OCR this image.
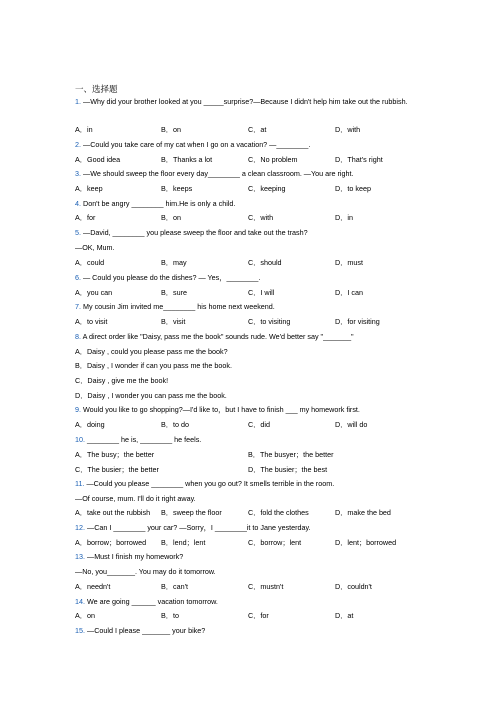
一、选择题
1. —Why did your brother looked at you _____surprise?—Because I didn't help him take out the rubbish.
A．in	B．on	C．at	D．with
2. —Could you take care of my cat when I go on a vacation? —________.
A．Good idea	B．Thanks a lot	C．No problem	D．That's right
3. —We should sweep the floor every day________ a clean classroom. —You are right.
A．keep	B．keeps	C．keeping	D．to keep
4. Don't be angry ________ him.He is only a child.
A．for	B．on	C．with	D．in
5. —David, ________ you please sweep the floor and take out the trash?
—OK, Mum.
A．could	B．may	C．should	D．must
6. — Could you please do the dishes? — Yes，________.
A．you can	B．sure	C．I will	D．I can
7. My cousin Jim invited me________ his home next weekend.
A．to visit	B．visit	C．to visiting	D．for visiting
8. A direct order like "Daisy, pass me the book" sounds rude. We'd better say "_______"
A．Daisy , could you please pass me the book?
B．Daisy , I wonder if can you pass me the book.
C．Daisy , give me the book!
D．Daisy , I wonder you can pass me the book.
9. Would you like to go shopping?—I'd like to，but I have to finish ___ my homework first.
A．doing	B．to do	C．did	D．will do
10. ________ he is, ________ he feels.
A．The busy；the better	B．The busyer；the better
C．The busier；the better	D．The busier；the best
11. —Could you please ________ when you go out? It smells terrible in the room.
—Of course, mum. I'll do it right away.
A．take out the rubbish B．sweep the floor	C．fold the clothes	D．make the bed
12. —Can I ________ your car? —Sorry，I ________it to Jane yesterday.
A．borrow；borrowed B．lend；lent	C．borrow；lent	D．lent；borrowed
13. —Must I finish my homework?
—No, you_______. You may do it tomorrow.
A．needn't	B．can't	C．mustn't	D．couldn't
14. We are going ______ vacation tomorrow.
A．on	B．to	C．for	D．at
15. —Could I please _______ your bike?
